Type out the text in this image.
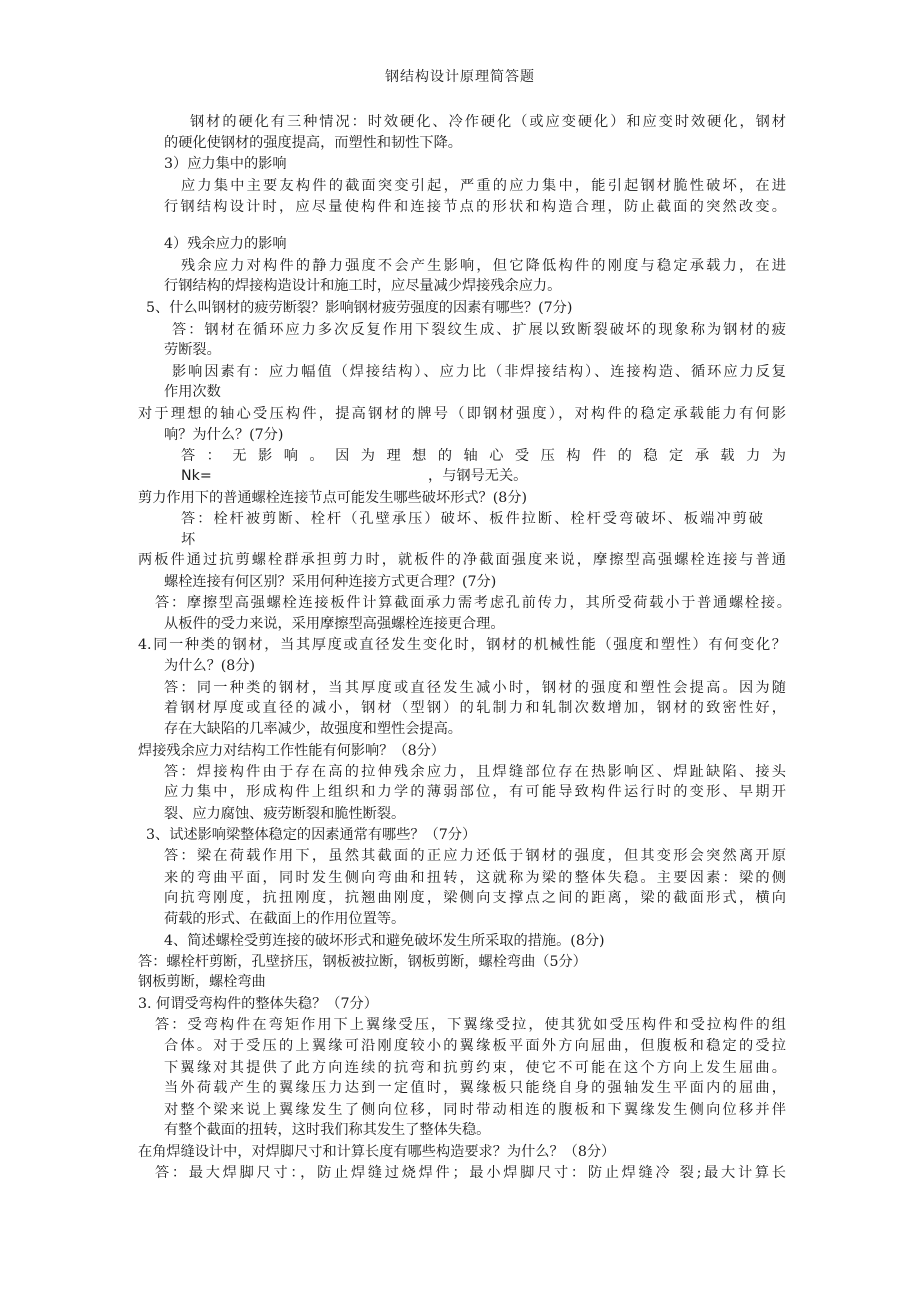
钢结构设计原理简答题
钢材的硬化有三种情况：时效硬化、冷作硬化（或应变硬化）和应变时效硬化，钢材
的硬化使钢材的强度提高，而塑性和韧性下降。
3）应力集中的影响
应力集中主要友构件的截面突变引起，严重的应力集中，能引起钢材脆性破坏，在进
行钢结构设计时，应尽量使构件和连接节点的形状和构造合理，防止截面的突然改变。
4）残余应力的影响
残余应力对构件的静力强度不会产生影响，但它降低构件的刚度与稳定承载力，在进
行钢结构的焊接构造设计和施工时，应尽量减少焊接残余应力。
5、什么叫钢材的疲劳断裂？影响钢材疲劳强度的因素有哪些？(7分)
答：钢材在循环应力多次反复作用下裂纹生成、扩展以致断裂破坏的现象称为钢材的疲
劳断裂。
影响因素有：应力幅值（焊接结构）、应力比（非焊接结构）、连接构造、循环应力反复
作用次数
对于理想的轴心受压构件，提高钢材的牌号（即钢材强度），对构件的稳定承载能力有何影
响？为什么？(7分)
答：无影响。因为理想的轴心受压构件的稳定承载力为
Nk=	，与钢号无关。
剪力作用下的普通螺栓连接节点可能发生哪些破坏形式？(8分)
答：栓杆被剪断、栓杆（孔壁承压）破坏、板件拉断、栓杆受弯破坏、板端冲剪破
坏
两板件通过抗剪螺栓群承担剪力时，就板件的净截面强度来说，摩擦型高强螺栓连接与普通
螺栓连接有何区别？采用何种连接方式更合理？(7分)
答：摩擦型高强螺栓连接板件计算截面承力需考虑孔前传力，其所受荷载小于普通螺栓接。
从板件的受力来说，采用摩擦型高强螺栓连接更合理。
4.同一种类的钢材，当其厚度或直径发生变化时，钢材的机械性能（强度和塑性）有何变化？
为什么？(8分)
答：同一种类的钢材，当其厚度或直径发生减小时，钢材的强度和塑性会提高。因为随
着钢材厚度或直径的减小，钢材（型钢）的轧制力和轧制次数增加，钢材的致密性好，
存在大缺陷的几率减少，故强度和塑性会提高。
焊接残余应力对结构工作性能有何影响？（8分）
答：焊接构件由于存在高的拉伸残余应力，且焊缝部位存在热影响区、焊趾缺陷、接头
应力集中，形成构件上组织和力学的薄弱部位，有可能导致构件运行时的变形、早期开
裂、应力腐蚀、疲劳断裂和脆性断裂。
3、试述影响梁整体稳定的因素通常有哪些？（7分）
答：梁在荷载作用下，虽然其截面的正应力还低于钢材的强度，但其变形会突然离开原
来的弯曲平面，同时发生侧向弯曲和扭转，这就称为梁的整体失稳。主要因素：梁的侧
向抗弯刚度，抗扭刚度，抗翘曲刚度，梁侧向支撑点之间的距离，梁的截面形式，横向
荷载的形式、在截面上的作用位置等。
4、简述螺栓受剪连接的破坏形式和避免破坏发生所采取的措施。(8分)
答：螺栓杆剪断，孔壁挤压，钢板被拉断，钢板剪断，螺栓弯曲（5分）
钢板剪断，螺栓弯曲
3. 何谓受弯构件的整体失稳？（7分）
答：受弯构件在弯矩作用下上翼缘受压，下翼缘受拉，使其犹如受压构件和受拉构件的组
合体。对于受压的上翼缘可沿刚度较小的翼缘板平面外方向屈曲，但腹板和稳定的受拉
下翼缘对其提供了此方向连续的抗弯和抗剪约束，使它不可能在这个方向上发生屈曲。
当外荷载产生的翼缘压力达到一定值时，翼缘板只能绕自身的强轴发生平面内的屈曲，
对整个梁来说上翼缘发生了侧向位移，同时带动相连的腹板和下翼缘发生侧向位移并伴
有整个截面的扭转，这时我们称其发生了整体失稳。
在角焊缝设计中，对焊脚尺寸和计算长度有哪些构造要求？为什么？（8分）
答：最大焊脚尺寸：，防止焊缝过烧焊件；最小焊脚尺寸：防止焊缝冷 裂;最大计算长
